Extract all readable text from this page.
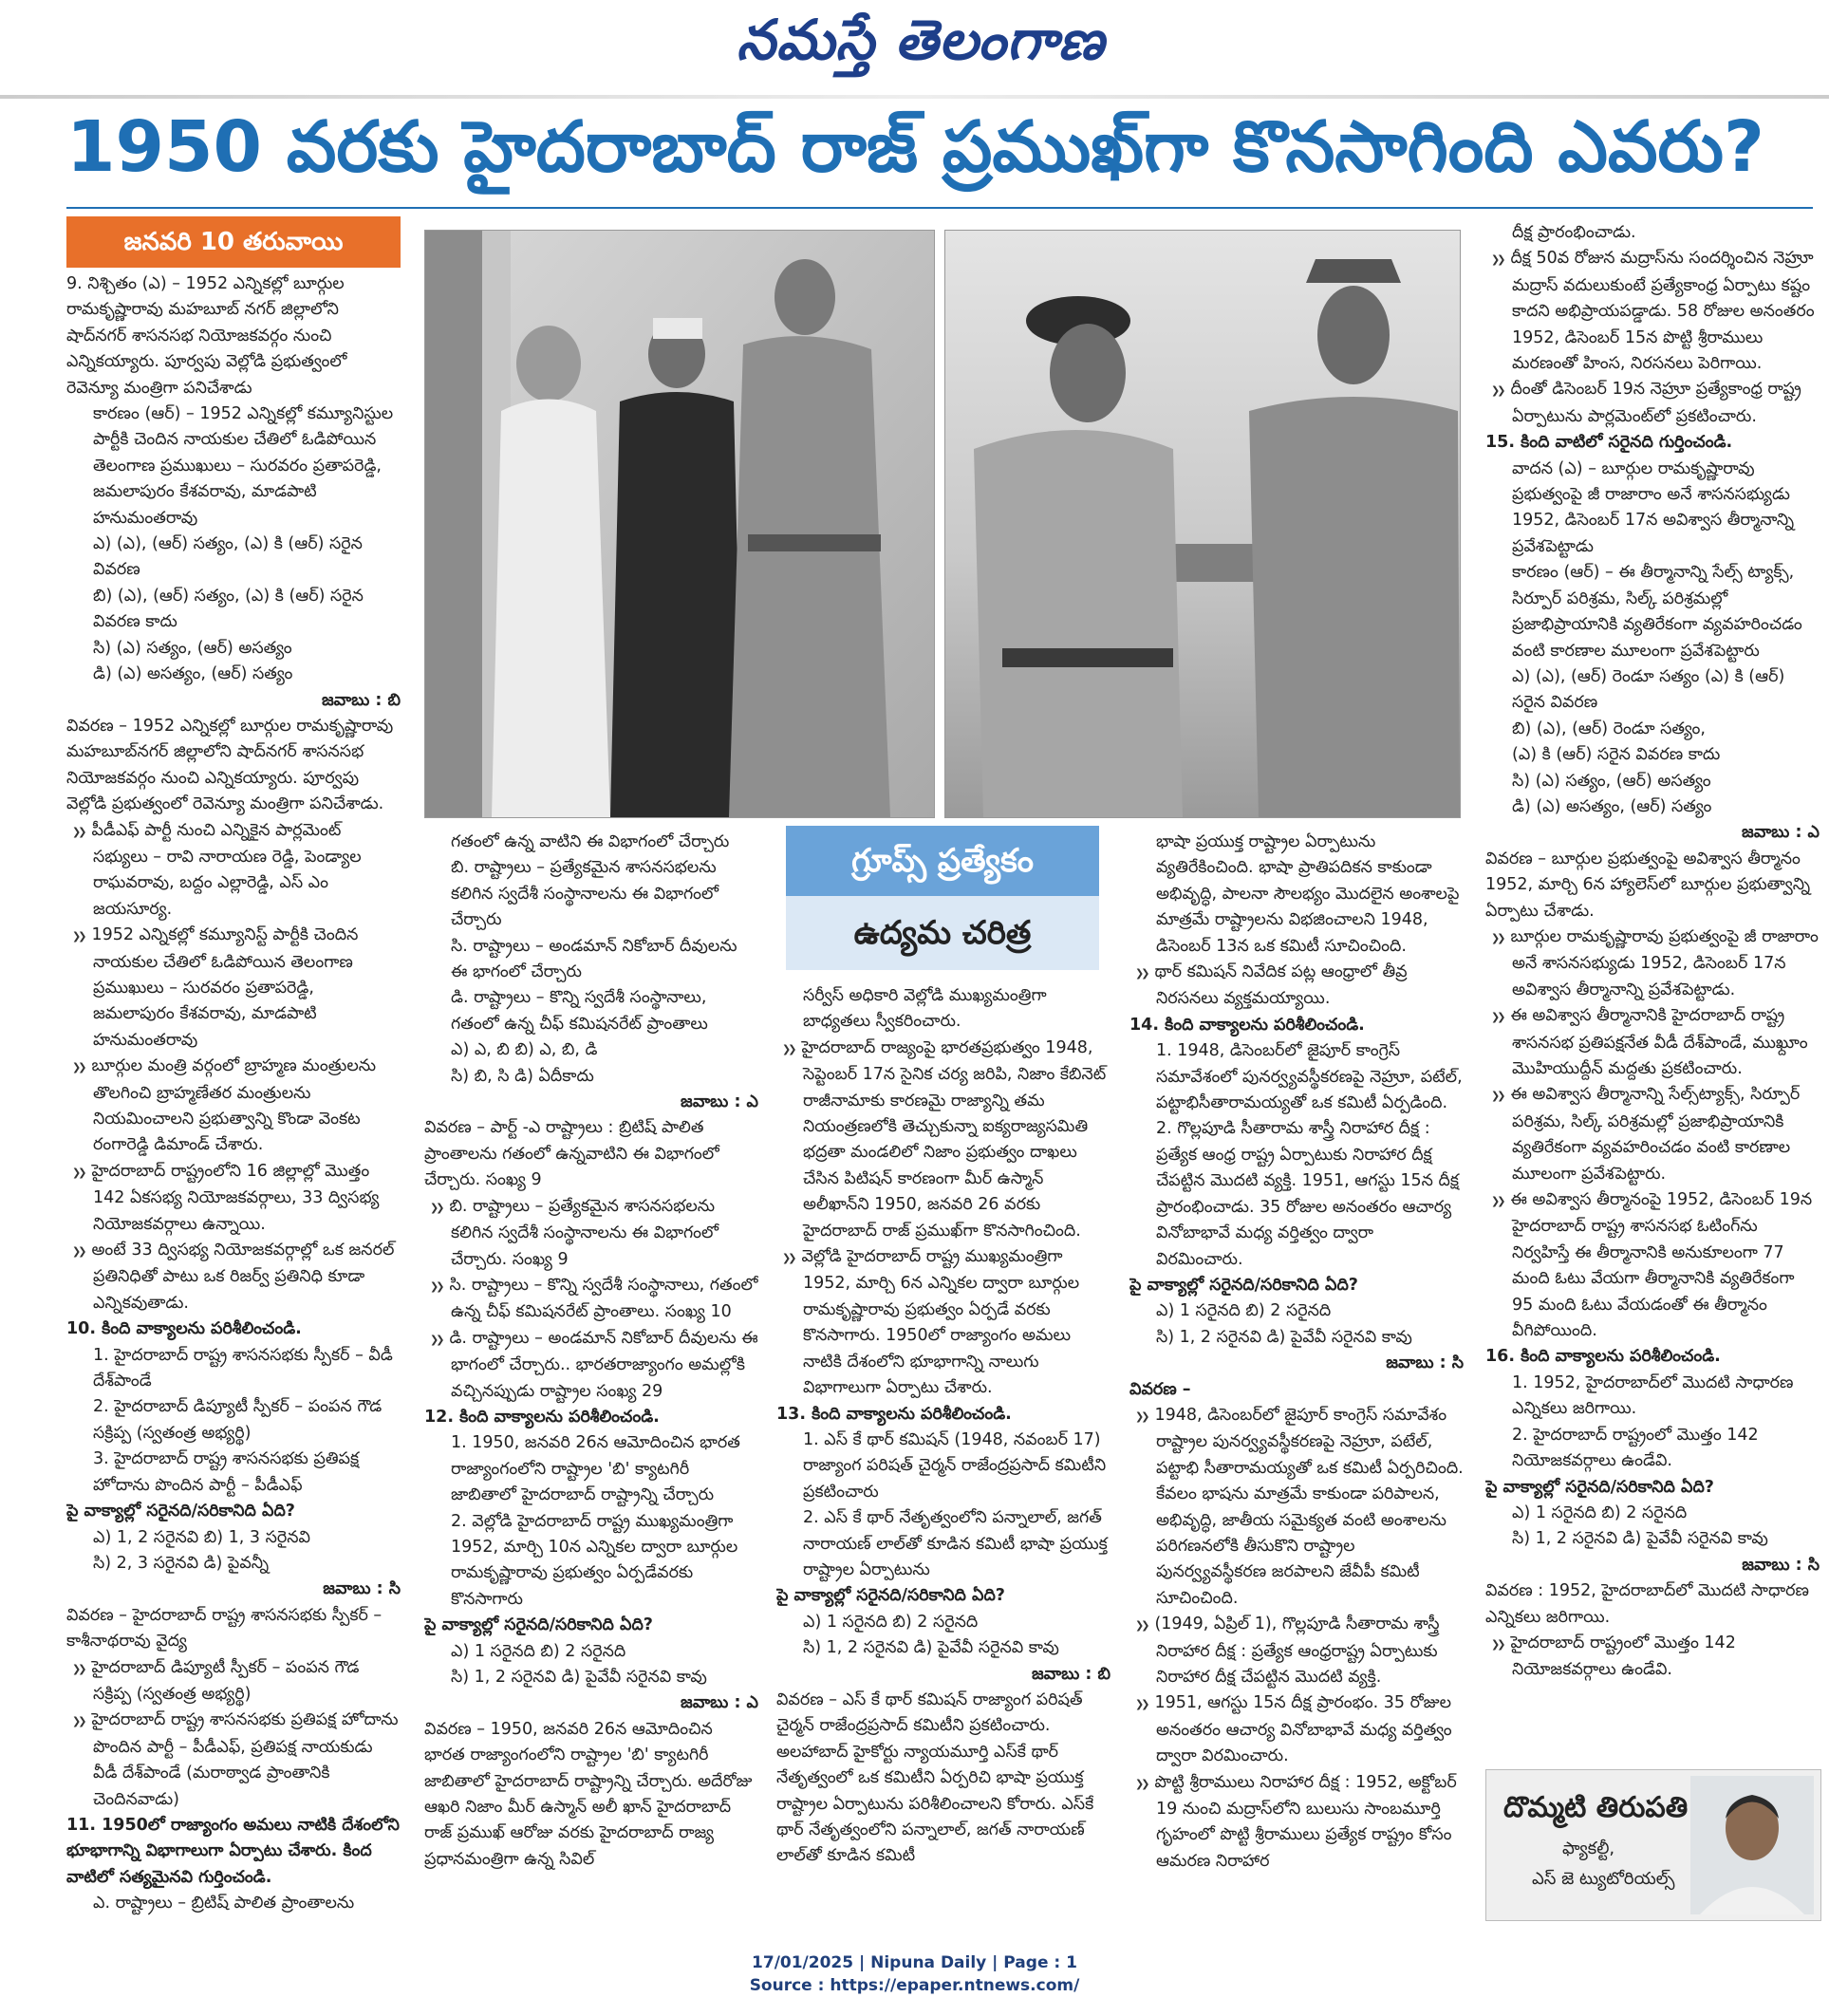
నమస్తే తెలంగాణ
1950 వరకు హైదరాబాద్ రాజ్ ప్రముఖ్‌గా కొనసాగింది ఎవరు?
జనవరి 10 తరువాయి
గ్రూప్స్ ప్రత్యేకం
ఉద్యమ చరిత్ర

9. నిశ్చితం (ఎ) – 1952 ఎన్నికల్లో బూర్గుల రామకృష్ణారావు మహబూబ్ నగర్ జిల్లాలోని షాద్‌నగర్ శాసనసభ నియోజకవర్గం నుంచి ఎన్నికయ్యారు. పూర్వపు వెల్లోడి ప్రభుత్వంలో రెవెన్యూ మంత్రిగా పనిచేశాడు

కారణం (ఆర్) – 1952 ఎన్నికల్లో కమ్యూనిస్టుల పార్టీకి చెందిన నాయకుల చేతిలో ఓడిపోయిన తెలంగాణ ప్రముఖులు – సురవరం ప్రతాపరెడ్డి, జమలాపురం కేశవరావు, మాడపాటి హనుమంతరావు

ఎ) (ఎ), (ఆర్) సత్యం, (ఎ) కి (ఆర్) సరైన వివరణ

బి) (ఎ), (ఆర్) సత్యం, (ఎ) కి (ఆర్) సరైన వివరణ కాదు

సి) (ఎ) సత్యం, (ఆర్) అసత్యం

డి) (ఎ) అసత్యం, (ఆర్) సత్యం

జవాబు : బి

వివరణ – 1952 ఎన్నికల్లో బూర్గుల రామకృష్ణారావు మహబూబ్‌నగర్ జిల్లాలోని షాద్‌నగర్ శాసనసభ నియోజకవర్గం నుంచి ఎన్నికయ్యారు. పూర్వపు వెల్లోడి ప్రభుత్వంలో రెవెన్యూ మంత్రిగా పనిచేశాడు.

❯❯ పీడీఎఫ్ పార్టీ నుంచి ఎన్నికైన పార్లమెంట్ సభ్యులు – రావి నారాయణ రెడ్డి, పెండ్యాల రాఘవరావు, బద్దం ఎల్లారెడ్డి, ఎస్ ఎం జయసూర్య.

❯❯ 1952 ఎన్నికల్లో కమ్యూనిస్ట్ పార్టీకి చెందిన నాయకుల చేతిలో ఓడిపోయిన తెలంగాణ ప్రముఖులు – సురవరం ప్రతాపరెడ్డి, జమలాపురం కేశవరావు, మాడపాటి హనుమంతరావు

❯❯ బూర్గుల మంత్రి వర్గంలో బ్రాహ్మణ మంత్రులను తొలగించి బ్రాహ్మణేతర మంత్రులను నియమించాలని ప్రభుత్వాన్ని కొండా వెంకట రంగారెడ్డి డిమాండ్ చేశారు.

❯❯ హైదరాబాద్ రాష్ట్రంలోని 16 జిల్లాల్లో మొత్తం 142 ఏకసభ్య నియోజకవర్గాలు, 33 ద్విసభ్య నియోజకవర్గాలు ఉన్నాయి.

❯❯ అంటే 33 ద్విసభ్య నియోజకవర్గాల్లో ఒక జనరల్ ప్రతినిధితో పాటు ఒక రిజర్వ్ ప్రతినిధి కూడా ఎన్నికవుతాడు.

10. కింది వాక్యాలను పరిశీలించండి.

1. హైదరాబాద్ రాష్ట్ర శాసనసభకు స్పీకర్ – వీడీ దేశ్‌పాండే

2. హైదరాబాద్ డిప్యూటీ స్పీకర్ – పంపన గౌడ సక్రిప్ప (స్వతంత్ర అభ్యర్థి)

3. హైదరాబాద్ రాష్ట్ర శాసనసభకు ప్రతిపక్ష హోదాను పొందిన పార్టీ – పీడీఎఫ్

పై వాక్యాల్లో సరైనది/సరికానిది ఏది?

ఎ) 1, 2 సరైనవి బి) 1, 3 సరైనవి

సి) 2, 3 సరైనవి డి) పైవన్నీ

జవాబు : సి

వివరణ – హైదరాబాద్ రాష్ట్ర శాసనసభకు స్పీకర్ – కాశీనాథరావు వైద్య

❯❯ హైదరాబాద్ డిప్యూటీ స్పీకర్ – పంపన గౌడ సక్రిప్ప (స్వతంత్ర అభ్యర్థి)

❯❯ హైదరాబాద్ రాష్ట్ర శాసనసభకు ప్రతిపక్ష హోదాను పొందిన పార్టీ – పీడీఎఫ్, ప్రతిపక్ష నాయకుడు వీడీ దేశ్‌పాండే (మరాఠ్వాడ ప్రాంతానికి చెందినవాడు)

11. 1950లో రాజ్యాంగం అమలు నాటికి దేశంలోని భూభాగాన్ని విభాగాలుగా ఏర్పాటు చేశారు. కింద వాటిలో సత్యమైనవి గుర్తించండి.

ఎ. రాష్ట్రాలు – బ్రిటిష్ పాలిత ప్రాంతాలను

గతంలో ఉన్న వాటిని ఈ విభాగంలో చేర్చారు

బి. రాష్ట్రాలు – ప్రత్యేకమైన శాసనసభలను కలిగిన స్వదేశీ సంస్థానాలను ఈ విభాగంలో చేర్చారు

సి. రాష్ట్రాలు – అండమాన్ నికోబార్ దీవులను ఈ భాగంలో చేర్చారు

డి. రాష్ట్రాలు – కొన్ని స్వదేశీ సంస్థానాలు, గతంలో ఉన్న చీఫ్ కమిషనరేట్ ప్రాంతాలు

ఎ) ఎ, బి బి) ఎ, బి, డి

సి) బి, సి డి) ఏదీకాదు

జవాబు : ఎ

వివరణ – పార్ట్ -ఎ రాష్ట్రాలు : బ్రిటిష్ పాలిత ప్రాంతాలను గతంలో ఉన్నవాటిని ఈ విభాగంలో చేర్చారు. సంఖ్య 9

❯❯ బి. రాష్ట్రాలు – ప్రత్యేకమైన శాసనసభలను కలిగిన స్వదేశీ సంస్థానాలను ఈ విభాగంలో చేర్చారు. సంఖ్య 9

❯❯ సి. రాష్ట్రాలు – కొన్ని స్వదేశీ సంస్థానాలు, గతంలో ఉన్న చీఫ్ కమిషనరేట్ ప్రాంతాలు. సంఖ్య 10

❯❯ డి. రాష్ట్రాలు – అండమాన్ నికోబార్ దీవులను ఈ భాగంలో చేర్చారు.. భారతరాజ్యాంగం అమల్లోకి వచ్చినప్పుడు రాష్ట్రాల సంఖ్య 29

12. కింది వాక్యాలను పరిశీలించండి.

1. 1950, జనవరి 26న ఆమోదించిన భారత రాజ్యాంగంలోని రాష్ట్రాల 'బి' క్యాటగిరీ జాబితాలో హైదరాబాద్ రాష్ట్రాన్ని చేర్చారు

2. వెల్లోడి హైదరాబాద్ రాష్ట్ర ముఖ్యమంత్రిగా 1952, మార్చి 10న ఎన్నికల ద్వారా బూర్గుల రామకృష్ణారావు ప్రభుత్వం ఏర్పడేవరకు కొనసాగారు

పై వాక్యాల్లో సరైనది/సరికానిది ఏది?

ఎ) 1 సరైనది బి) 2 సరైనది

సి) 1, 2 సరైనవి డి) పైవేవీ సరైనవి కావు

జవాబు : ఎ

వివరణ – 1950, జనవరి 26న ఆమోదించిన భారత రాజ్యాంగంలోని రాష్ట్రాల 'బి' క్యాటగిరీ జాబితాలో హైదరాబాద్ రాష్ట్రాన్ని చేర్చారు. అదేరోజు ఆఖరి నిజాం మీర్ ఉస్మాన్ అలీ ఖాన్ హైదరాబాద్ రాజ్ ప్రముఖ్ ఆరోజు వరకు హైదరాబాద్ రాజ్య ప్రధానమంత్రిగా ఉన్న సివిల్

సర్వీస్ అధికారి వెల్లోడి ముఖ్యమంత్రిగా బాధ్యతలు స్వీకరించారు.

❯❯ హైదరాబాద్ రాజ్యంపై భారతప్రభుత్వం 1948, సెప్టెంబర్ 17న సైనిక చర్య జరిపి, నిజాం కేబినెట్ రాజీనామాకు కారణమై రాజ్యాన్ని తమ నియంత్రణలోకి తెచ్చుకున్నా ఐక్యరాజ్యసమితి భద్రతా మండలిలో నిజాం ప్రభుత్వం దాఖలు చేసిన పిటిషన్ కారణంగా మీర్ ఉస్మాన్ అలీఖాన్‌ని 1950, జనవరి 26 వరకు హైదరాబాద్ రాజ్ ప్రముఖ్‌గా కొనసాగించింది.

❯❯ వెల్లోడి హైదరాబాద్ రాష్ట్ర ముఖ్యమంత్రిగా 1952, మార్చి 6న ఎన్నికల ద్వారా బూర్గుల రామకృష్ణారావు ప్రభుత్వం ఏర్పడే వరకు కొనసాగారు. 1950లో రాజ్యాంగం అమలు నాటికి దేశంలోని భూభాగాన్ని నాలుగు విభాగాలుగా ఏర్పాటు చేశారు.

13. కింది వాక్యాలను పరిశీలించండి.

1. ఎస్ కే థార్ కమిషన్ (1948, నవంబర్ 17) రాజ్యాంగ పరిషత్ చైర్మన్ రాజేంద్రప్రసాద్ కమిటీని ప్రకటించారు

2. ఎస్ కే థార్ నేతృత్వంలోని పన్నాలాల్, జగత్ నారాయణ్ లాల్‌తో కూడిన కమిటీ భాషా ప్రయుక్త రాష్ట్రాల ఏర్పాటును

పై వాక్యాల్లో సరైనది/సరికానిది ఏది?

ఎ) 1 సరైనది బి) 2 సరైనది

సి) 1, 2 సరైనవి డి) పైవేవీ సరైనవి కావు

జవాబు : బి

వివరణ – ఎస్ కే థార్ కమిషన్ రాజ్యాంగ పరిషత్ చైర్మన్ రాజేంద్రప్రసాద్ కమిటీని ప్రకటించారు. అలహాబాద్ హైకోర్టు న్యాయమూర్తి ఎస్‌కే థార్ నేతృత్వంలో ఒక కమిటీని ఏర్పరిచి భాషా ప్రయుక్త రాష్ట్రాల ఏర్పాటును పరిశీలించాలని కోరారు. ఎస్‌కే థార్ నేతృత్వంలోని పన్నాలాల్, జగత్ నారాయణ్ లాల్‌తో కూడిన కమిటీ

భాషా ప్రయుక్త రాష్ట్రాల ఏర్పాటును వ్యతిరేకించింది. భాషా ప్రాతిపదికన కాకుండా అభివృద్ధి, పాలనా సౌలభ్యం మొదలైన అంశాలపై మాత్రమే రాష్ట్రాలను విభజించాలని 1948, డిసెంబర్ 13న ఒక కమిటీ సూచించింది.

❯❯ థార్ కమిషన్ నివేదిక పట్ల ఆంధ్రాలో తీవ్ర నిరసనలు వ్యక్తమయ్యాయి.

14. కింది వాక్యాలను పరిశీలించండి.

1. 1948, డిసెంబర్‌లో జైపూర్ కాంగ్రెస్ సమావేశంలో పునర్వ్యవస్థీకరణపై నెహ్రూ, పటేల్, పట్టాభిసీతారామయ్యతో ఒక కమిటీ ఏర్పడింది.

2. గొల్లపూడి సీతారామ శాస్త్రీ నిరాహార దీక్ష : ప్రత్యేక ఆంధ్ర రాష్ట్ర ఏర్పాటుకు నిరాహార దీక్ష చేపట్టిన మొదటి వ్యక్తి. 1951, ఆగస్టు 15న దీక్ష ప్రారంభించాడు. 35 రోజుల అనంతరం ఆచార్య వినోబాభావే మధ్య వర్తిత్వం ద్వారా విరమించారు.

పై వాక్యాల్లో సరైనది/సరికానిది ఏది?

ఎ) 1 సరైనది బి) 2 సరైనది

సి) 1, 2 సరైనవి డి) పైవేవీ సరైనవి కావు

జవాబు : సి

వివరణ –

❯❯ 1948, డిసెంబర్‌లో జైపూర్ కాంగ్రెస్ సమావేశం రాష్ట్రాల పునర్వ్యవస్థీకరణపై నెహ్రూ, పటేల్, పట్టాభి సీతారామయ్యతో ఒక కమిటీ ఏర్పరిచింది. కేవలం భాషను మాత్రమే కాకుండా పరిపాలన, అభివృద్ధి, జాతీయ సమైక్యత వంటి అంశాలను పరిగణనలోకి తీసుకొని రాష్ట్రాల పునర్వ్యవస్థీకరణ జరపాలని జేవీపీ కమిటీ సూచించింది.

❯❯ (1949, ఏప్రిల్ 1), గొల్లపూడి సీతారామ శాస్త్రీ నిరాహార దీక్ష : ప్రత్యేక ఆంధ్రరాష్ట్ర ఏర్పాటుకు నిరాహార దీక్ష చేపట్టిన మొదటి వ్యక్తి.

❯❯ 1951, ఆగస్టు 15న దీక్ష ప్రారంభం. 35 రోజుల అనంతరం ఆచార్య వినోబాభావే మధ్య వర్తిత్వం ద్వారా విరమించారు.

❯❯ పొట్టి శ్రీరాములు నిరాహార దీక్ష : 1952, అక్టోబర్ 19 నుంచి మద్రాస్‌లోని బులుసు సాంబమూర్తి గృహంలో పొట్టి శ్రీరాములు ప్రత్యేక రాష్ట్రం కోసం ఆమరణ నిరాహార

దీక్ష ప్రారంభించాడు.

❯❯ దీక్ష 50వ రోజున మద్రాస్‌ను సందర్శించిన నెహ్రూ మద్రాస్ వదులుకుంటే ప్రత్యేకాంధ్ర ఏర్పాటు కష్టం కాదని అభిప్రాయపడ్డాడు. 58 రోజుల అనంతరం 1952, డిసెంబర్ 15న పొట్టి శ్రీరాములు మరణంతో హింస, నిరసనలు పెరిగాయి.

❯❯ దీంతో డిసెంబర్ 19న నెహ్రూ ప్రత్యేకాంధ్ర రాష్ట్ర ఏర్పాటును పార్లమెంట్‌లో ప్రకటించారు.

15. కింది వాటిలో సరైనది గుర్తించండి.

వాదన (ఎ) – బూర్గుల రామకృష్ణారావు ప్రభుత్వంపై జీ రాజారాం అనే శాసనసభ్యుడు 1952, డిసెంబర్ 17న అవిశ్వాస తీర్మానాన్ని ప్రవేశపెట్టాడు

కారణం (ఆర్) – ఈ తీర్మానాన్ని సేల్స్ ట్యాక్స్, సిర్పూర్ పరిశ్రమ, సిల్క్ పరిశ్రమల్లో ప్రజాభిప్రాయానికి వ్యతిరేకంగా వ్యవహరించడం వంటి కారణాల మూలంగా ప్రవేశపెట్టారు

ఎ) (ఎ), (ఆర్) రెండూ సత్యం (ఎ) కి (ఆర్) సరైన వివరణ

బి) (ఎ), (ఆర్) రెండూ సత్యం,

(ఎ) కి (ఆర్) సరైన వివరణ కాదు

సి) (ఎ) సత్యం, (ఆర్) అసత్యం

డి) (ఎ) అసత్యం, (ఆర్) సత్యం

జవాబు : ఎ

వివరణ – బూర్గుల ప్రభుత్వంపై అవిశ్వాస తీర్మానం 1952, మార్చి 6న హ్యాలెస్‌లో బూర్గుల ప్రభుత్వాన్ని ఏర్పాటు చేశాడు.

❯❯ బూర్గుల రామకృష్ణారావు ప్రభుత్వంపై జీ రాజారాం అనే శాసనసభ్యుడు 1952, డిసెంబర్ 17న అవిశ్వాస తీర్మానాన్ని ప్రవేశపెట్టాడు.

❯❯ ఈ అవిశ్వాస తీర్మానానికి హైదరాబాద్ రాష్ట్ర శాసనసభ ప్రతిపక్షనేత వీడీ దేశ్‌పాండే, ముఖ్దూం మొహియుద్దీన్ మద్దతు ప్రకటించారు.

❯❯ ఈ అవిశ్వాస తీర్మానాన్ని సేల్స్‌ట్యాక్స్, సిర్పూర్ పరిశ్రమ, సిల్క్ పరిశ్రమల్లో ప్రజాభిప్రాయానికి వ్యతిరేకంగా వ్యవహరించడం వంటి కారణాల మూలంగా ప్రవేశపెట్టారు.

❯❯ ఈ అవిశ్వాస తీర్మానంపై 1952, డిసెంబర్ 19న హైదరాబాద్ రాష్ట్ర శాసనసభ ఓటింగ్‌ను నిర్వహిస్తే ఈ తీర్మానానికి అనుకూలంగా 77 మంది ఓటు వేయగా తీర్మానానికి వ్యతిరేకంగా 95 మంది ఓటు వేయడంతో ఈ తీర్మానం వీగిపోయింది.

16. కింది వాక్యాలను పరిశీలించండి.

1. 1952, హైదరాబాద్‌లో మొదటి సాధారణ ఎన్నికలు జరిగాయి.

2. హైదరాబాద్ రాష్ట్రంలో మొత్తం 142 నియోజకవర్గాలు ఉండేవి.

పై వాక్యాల్లో సరైనది/సరికానిది ఏది?

ఎ) 1 సరైనది బి) 2 సరైనది

సి) 1, 2 సరైనవి డి) పైవేవీ సరైనవి కావు

జవాబు : సి

వివరణ : 1952, హైదరాబాద్‌లో మొదటి సాధారణ ఎన్నికలు జరిగాయి.

❯❯ హైదరాబాద్ రాష్ట్రంలో మొత్తం 142 నియోజకవర్గాలు ఉండేవి.

దొమ్మటి తిరుపతి
ఫ్యాకల్టీ,
ఎస్ జె ట్యుటోరియల్స్
17/01/2025 | Nipuna Daily | Page : 1
Source : https://epaper.ntnews.com/
